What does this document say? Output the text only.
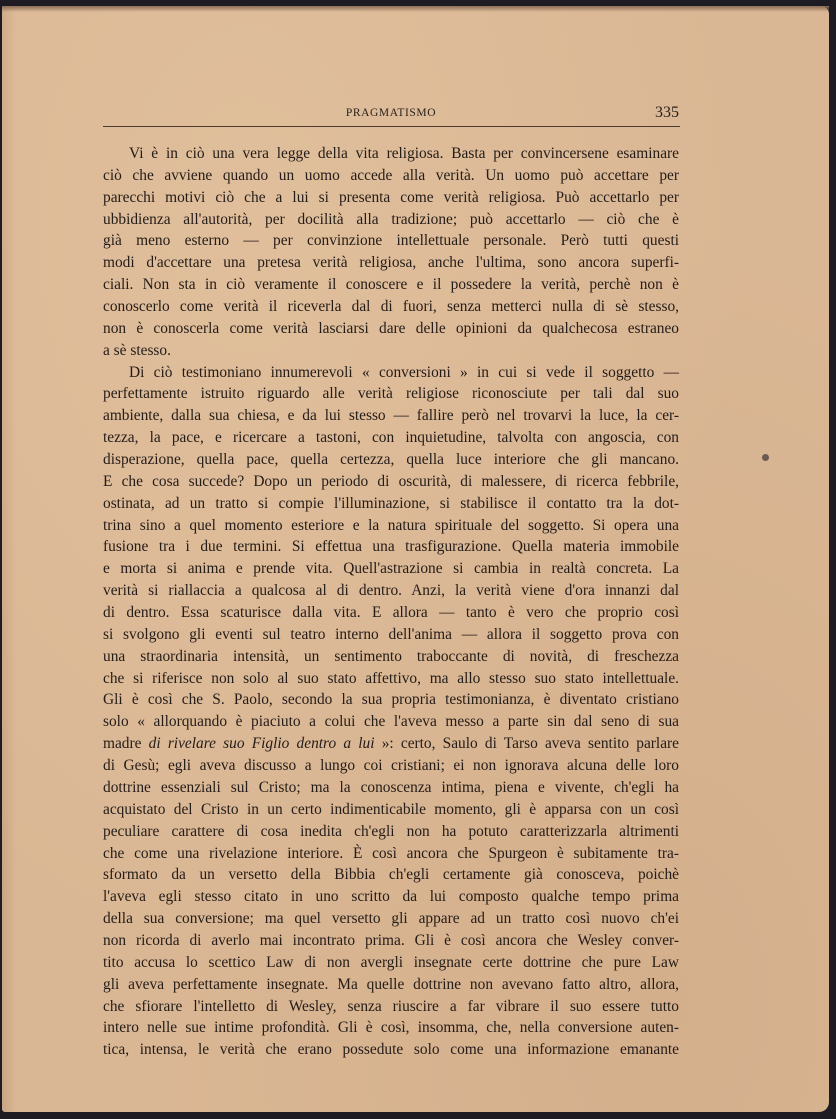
PRAGMATISMO	335
Vi è in ciò una vera legge della vita religiosa. Basta per convincersene esaminare
ciò che avviene quando un uomo accede alla verità. Un uomo può accettare per
parecchi motivi ciò che a lui si presenta come verità religiosa. Può accettarlo per
ubbidienza all'autorità, per docilità alla tradizione; può accettarlo — ciò che è
già meno esterno — per convinzione intellettuale personale. Però tutti questi
modi d'accettare una pretesa verità religiosa, anche l'ultima, sono ancora superfi-
ciali. Non sta in ciò veramente il conoscere e il possedere la verità, perchè non è
conoscerlo come verità il riceverla dal di fuori, senza metterci nulla di sè stesso,
non è conoscerla come verità lasciarsi dare delle opinioni da qualchecosa estraneo
a sè stesso.
Di ciò testimoniano innumerevoli « conversioni » in cui si vede il soggetto —
perfettamente istruito riguardo alle verità religiose riconosciute per tali dal suo
ambiente, dalla sua chiesa, e da lui stesso — fallire però nel trovarvi la luce, la cer-
tezza, la pace, e ricercare a tastoni, con inquietudine, talvolta con angoscia, con
disperazione, quella pace, quella certezza, quella luce interiore che gli mancano.
E che cosa succede? Dopo un periodo di oscurità, di malessere, di ricerca febbrile,
ostinata, ad un tratto si compie l'illuminazione, si stabilisce il contatto tra la dot-
trina sino a quel momento esteriore e la natura spirituale del soggetto. Si opera una
fusione tra i due termini. Si effettua una trasfigurazione. Quella materia immobile
e morta si anima e prende vita. Quell'astrazione si cambia in realtà concreta. La
verità si riallaccia a qualcosa al di dentro. Anzi, la verità viene d'ora innanzi dal
di dentro. Essa scaturisce dalla vita. E allora — tanto è vero che proprio così
si svolgono gli eventi sul teatro interno dell'anima — allora il soggetto prova con
una straordinaria intensità, un sentimento traboccante di novità, di freschezza
che si riferisce non solo al suo stato affettivo, ma allo stesso suo stato intellettuale.
Gli è così che S. Paolo, secondo la sua propria testimonianza, è diventato cristiano
solo « allorquando è piaciuto a colui che l'aveva messo a parte sin dal seno di sua
madre di rivelare suo Figlio dentro a lui »: certo, Saulo di Tarso aveva sentito parlare
di Gesù; egli aveva discusso a lungo coi cristiani; ei non ignorava alcuna delle loro
dottrine essenziali sul Cristo; ma la conoscenza intima, piena e vivente, ch'egli ha
acquistato del Cristo in un certo indimenticabile momento, gli è apparsa con un così
peculiare carattere di cosa inedita ch'egli non ha potuto caratterizzarla altrimenti
che come una rivelazione interiore. È così ancora che Spurgeon è subitamente tra-
sformato da un versetto della Bibbia ch'egli certamente già conosceva, poichè
l'aveva egli stesso citato in uno scritto da lui composto qualche tempo prima
della sua conversione; ma quel versetto gli appare ad un tratto così nuovo ch'ei
non ricorda di averlo mai incontrato prima. Gli è così ancora che Wesley conver-
tito accusa lo scettico Law di non avergli insegnate certe dottrine che pure Law
gli aveva perfettamente insegnate. Ma quelle dottrine non avevano fatto altro, allora,
che sfiorare l'intelletto di Wesley, senza riuscire a far vibrare il suo essere tutto
intero nelle sue intime profondità. Gli è così, insomma, che, nella conversione auten-
tica, intensa, le verità che erano possedute solo come una informazione emanante
